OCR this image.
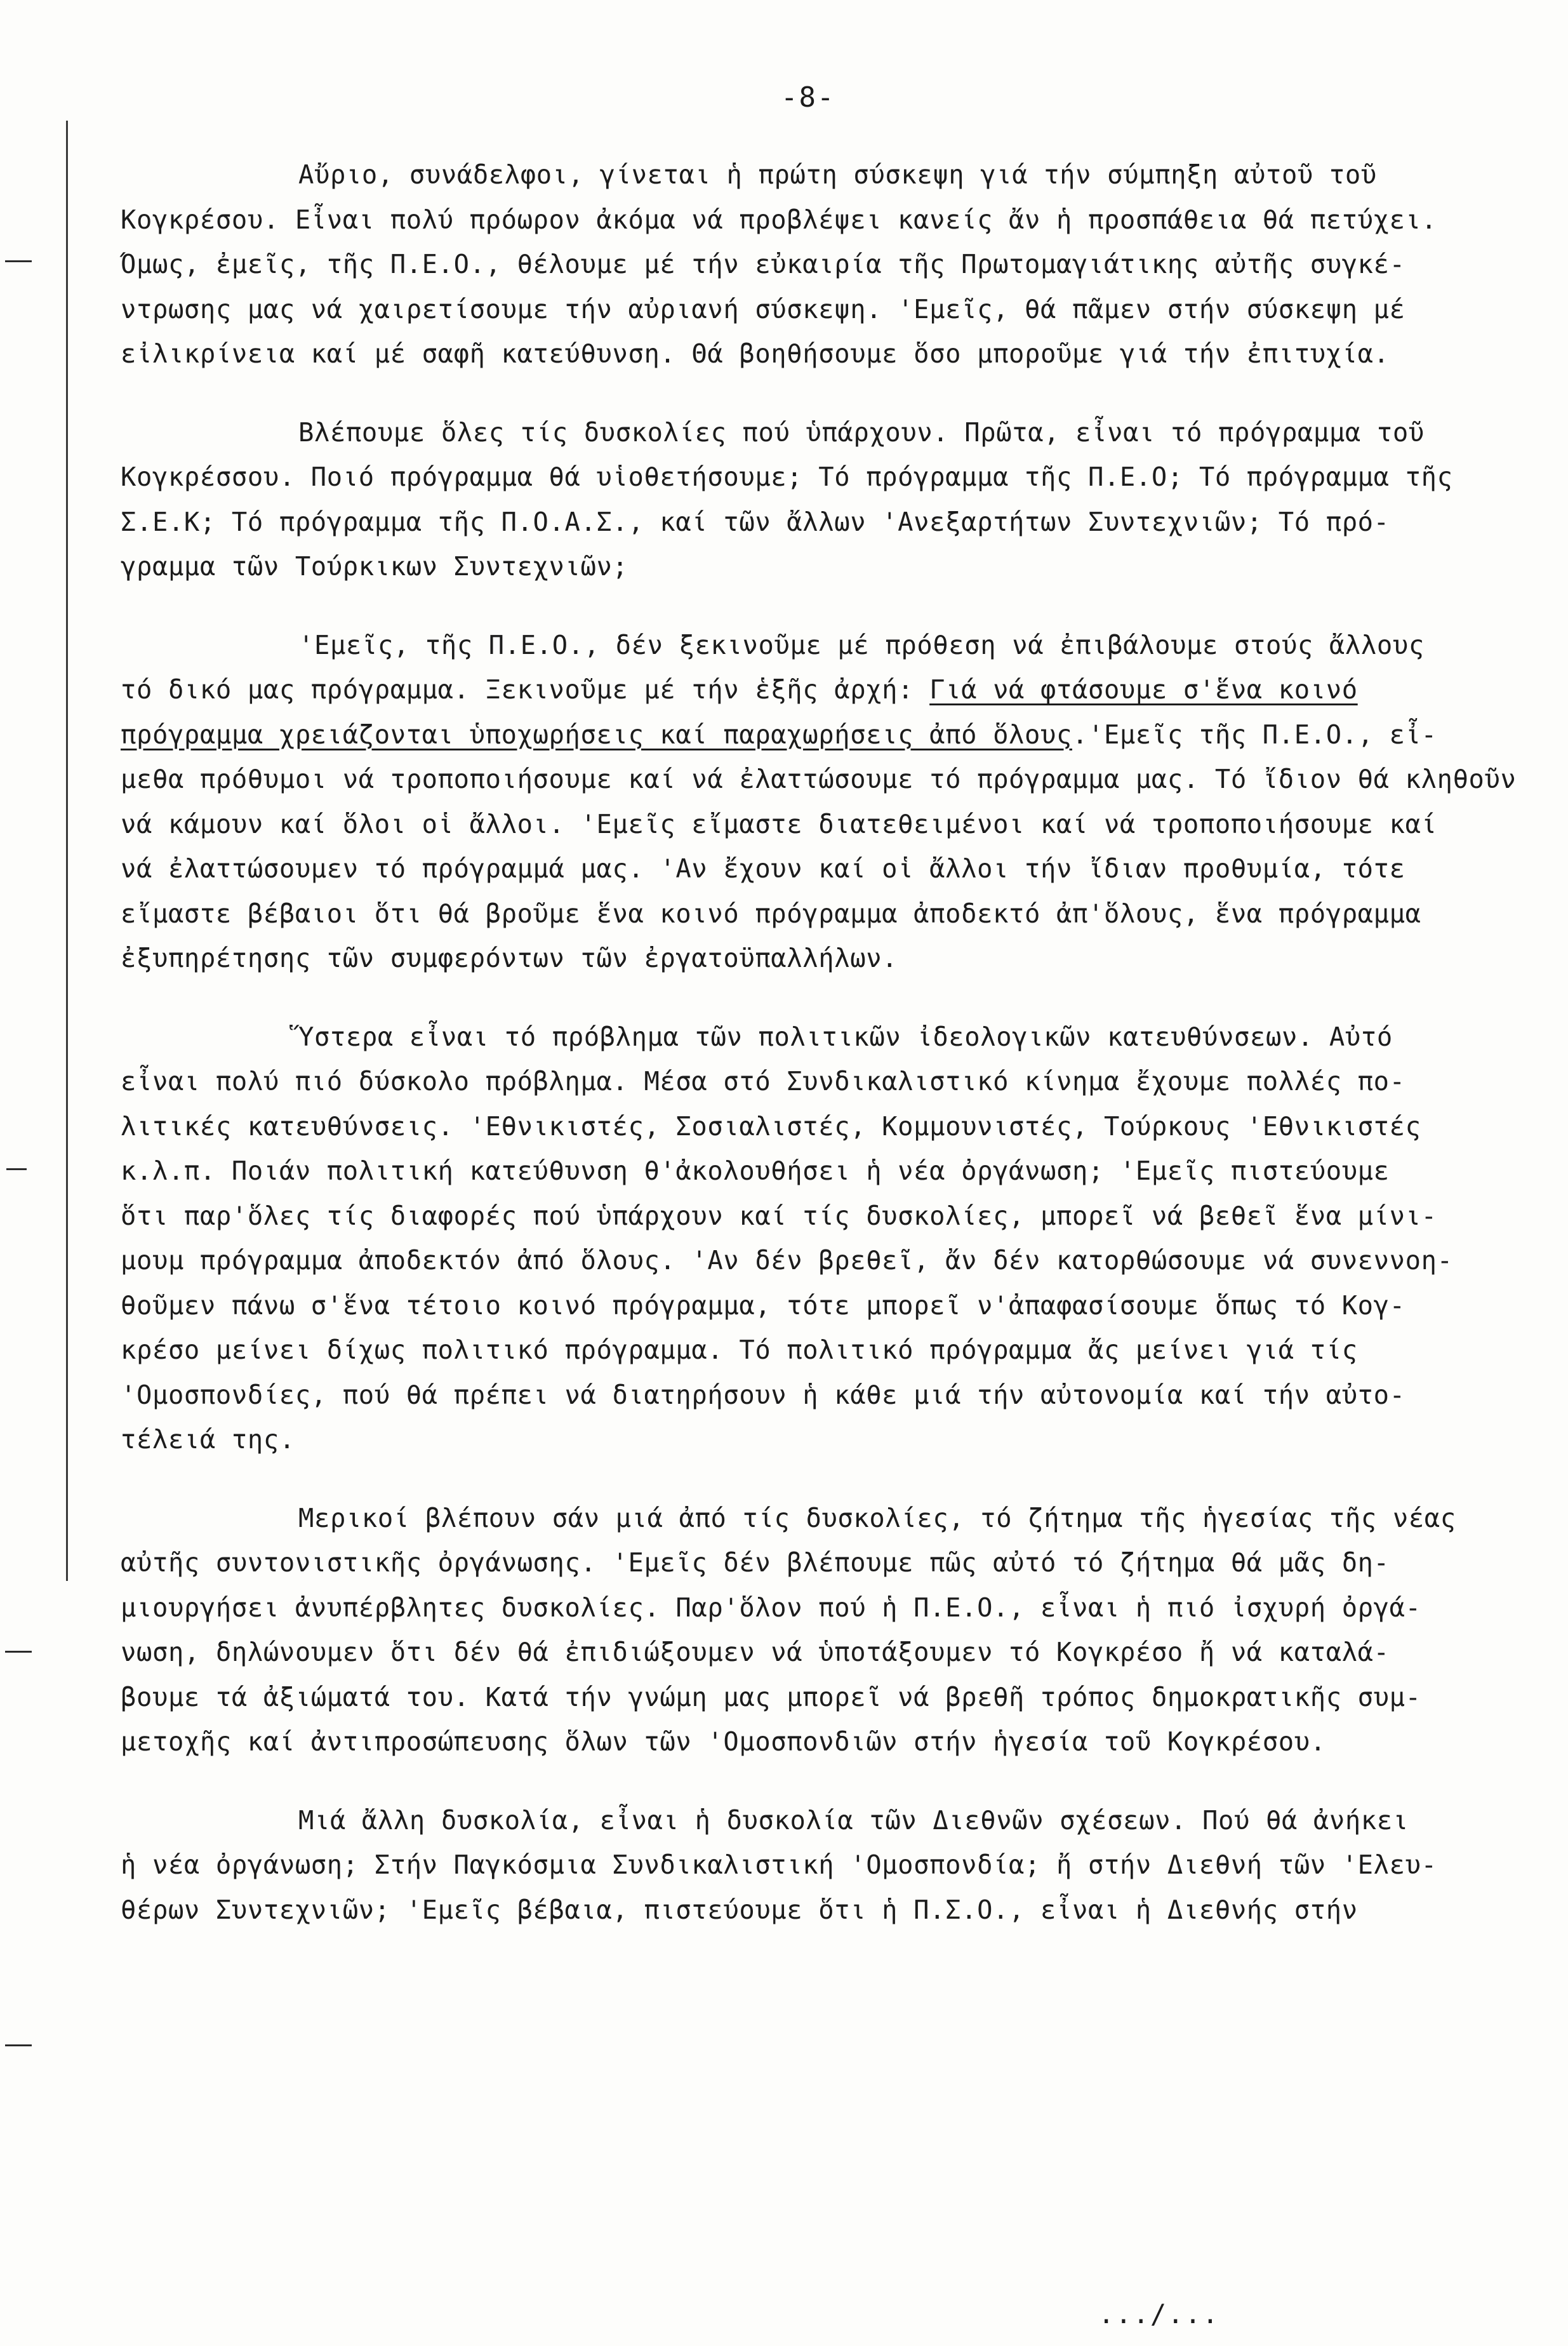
-8-
Αὔριο, συνάδελφοι, γίνεται ἡ πρώτη σύσκεψη γιά τήν σύμπηξη αὐτοῦ τοῦ
Κογκρέσου. Εἶναι πολύ πρόωρον ἀκόμα νά προβλέψει κανείς ἄν ἡ προσπάθεια θά πετύχει.
Όμως, ἐμεῖς, τῆς Π.Ε.Ο., θέλουμε μέ τήν εὐκαιρία τῆς Πρωτομαγιάτικης αὐτῆς συγκέ-
ντρωσης μας νά χαιρετίσουμε τήν αὐριανή σύσκεψη. 'Εμεῖς, θά πᾶμεν στήν σύσκεψη μέ
εἰλικρίνεια καί μέ σαφῆ κατεύθυνση. Θά βοηθήσουμε ὅσο μποροῦμε γιά τήν ἐπιτυχία.
Βλέπουμε ὅλες τίς δυσκολίες πού ὑπάρχουν. Πρῶτα, εἶναι τό πρόγραμμα τοῦ
Κογκρέσσου. Ποιό πρόγραμμα θά υἱοθετήσουμε; Τό πρόγραμμα τῆς Π.Ε.Ο; Τό πρόγραμμα τῆς
Σ.Ε.Κ; Τό πρόγραμμα τῆς Π.Ο.Α.Σ., καί τῶν ἄλλων 'Ανεξαρτήτων Συντεχνιῶν; Τό πρό-
γραμμα τῶν Τούρκικων Συντεχνιῶν;
'Εμεῖς, τῆς Π.Ε.Ο., δέν ξεκινοῦμε μέ πρόθεση νά ἐπιβάλουμε στούς ἄλλους
τό δικό μας πρόγραμμα. Ξεκινοῦμε μέ τήν ἑξῆς ἀρχή: Γιά νά φτάσουμε σ'ἕνα κοινό
πρόγραμμα χρειάζονται ὑποχωρήσεις καί παραχωρήσεις ἀπό ὅλους.'Εμεῖς τῆς Π.Ε.Ο., εἶ-
μεθα πρόθυμοι νά τροποποιήσουμε καί νά ἐλαττώσουμε τό πρόγραμμα μας. Τό ἴδιον θά κληθοῦν
νά κάμουν καί ὅλοι οἱ ἄλλοι. 'Εμεῖς εἴμαστε διατεθειμένοι καί νά τροποποιήσουμε καί
νά ἐλαττώσουμεν τό πρόγραμμά μας. 'Αν ἔχουν καί οἱ ἄλλοι τήν ἴδιαν προθυμία, τότε
εἴμαστε βέβαιοι ὅτι θά βροῦμε ἕνα κοινό πρόγραμμα ἀποδεκτό ἀπ'ὅλους, ἕνα πρόγραμμα
ἐξυπηρέτησης τῶν συμφερόντων τῶν ἐργατοϋπαλλήλων.
Ὕστερα εἶναι τό πρόβλημα τῶν πολιτικῶν ἰδεολογικῶν κατευθύνσεων. Αὐτό
εἶναι πολύ πιό δύσκολο πρόβλημα. Μέσα στό Συνδικαλιστικό κίνημα ἔχουμε πολλές πο-
λιτικές κατευθύνσεις. 'Εθνικιστές, Σοσιαλιστές, Κομμουνιστές, Τούρκους 'Εθνικιστές
κ.λ.π. Ποιάν πολιτική κατεύθυνση θ'ἀκολουθήσει ἡ νέα ὀργάνωση; 'Εμεῖς πιστεύουμε
ὅτι παρ'ὅλες τίς διαφορές πού ὑπάρχουν καί τίς δυσκολίες, μπορεῖ νά βεθεῖ ἕνα μίνι-
μουμ πρόγραμμα ἀποδεκτόν ἀπό ὅλους. 'Αν δέν βρεθεῖ, ἄν δέν κατορθώσουμε νά συνεννοη-
θοῦμεν πάνω σ'ἕνα τέτοιο κοινό πρόγραμμα, τότε μπορεῖ ν'ἀπαφασίσουμε ὅπως τό Κογ-
κρέσο μείνει δίχως πολιτικό πρόγραμμα. Τό πολιτικό πρόγραμμα ἄς μείνει γιά τίς
'Ομοσπονδίες, πού θά πρέπει νά διατηρήσουν ἡ κάθε μιά τήν αὐτονομία καί τήν αὐτο-
τέλειά της.
Μερικοί βλέπουν σάν μιά ἀπό τίς δυσκολίες, τό ζήτημα τῆς ἡγεσίας τῆς νέας
αὐτῆς συντονιστικῆς ὀργάνωσης. 'Εμεῖς δέν βλέπουμε πῶς αὐτό τό ζήτημα θά μᾶς δη-
μιουργήσει ἀνυπέρβλητες δυσκολίες. Παρ'ὅλον πού ἡ Π.Ε.Ο., εἶναι ἡ πιό ἰσχυρή ὀργά-
νωση, δηλώνουμεν ὅτι δέν θά ἐπιδιώξουμεν νά ὑποτάξουμεν τό Κογκρέσο ἤ νά καταλά-
βουμε τά ἀξιώματά του. Κατά τήν γνώμη μας μπορεῖ νά βρεθῆ τρόπος δημοκρατικῆς συμ-
μετοχῆς καί ἀντιπροσώπευσης ὅλων τῶν 'Ομοσπονδιῶν στήν ἡγεσία τοῦ Κογκρέσου.
Μιά ἄλλη δυσκολία, εἶναι ἡ δυσκολία τῶν Διεθνῶν σχέσεων. Πού θά ἀνήκει
ἡ νέα ὀργάνωση; Στήν Παγκόσμια Συνδικαλιστική 'Ομοσπονδία; ἤ στήν Διεθνή τῶν 'Ελευ-
θέρων Συντεχνιῶν; 'Εμεῖς βέβαια, πιστεύουμε ὅτι ἡ Π.Σ.Ο., εἶναι ἡ Διεθνής στήν
.../...
